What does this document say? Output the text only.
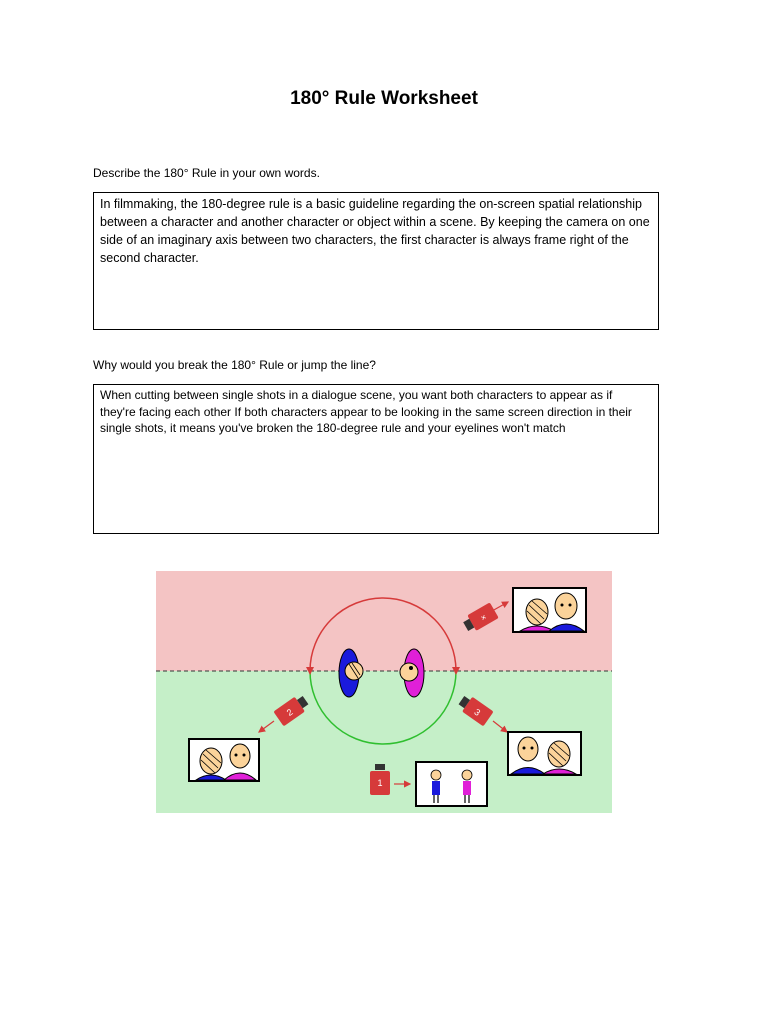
180° Rule Worksheet
Describe the 180° Rule in your own words.
In filmmaking, the 180-degree rule is a basic guideline regarding the on-screen spatial relationship between a character and another character or object within a scene. By keeping the camera on one side of an imaginary axis between two characters, the first character is always frame right of the second character.
Why would you break the 180° Rule or jump the line?
When cutting between single shots in a dialogue scene, you want both characters to appear as if they're facing each other If both characters appear to be looking in the same screen direction in their single shots, it means you've broken the 180-degree rule and your eyelines won't match
×
2	3
1
